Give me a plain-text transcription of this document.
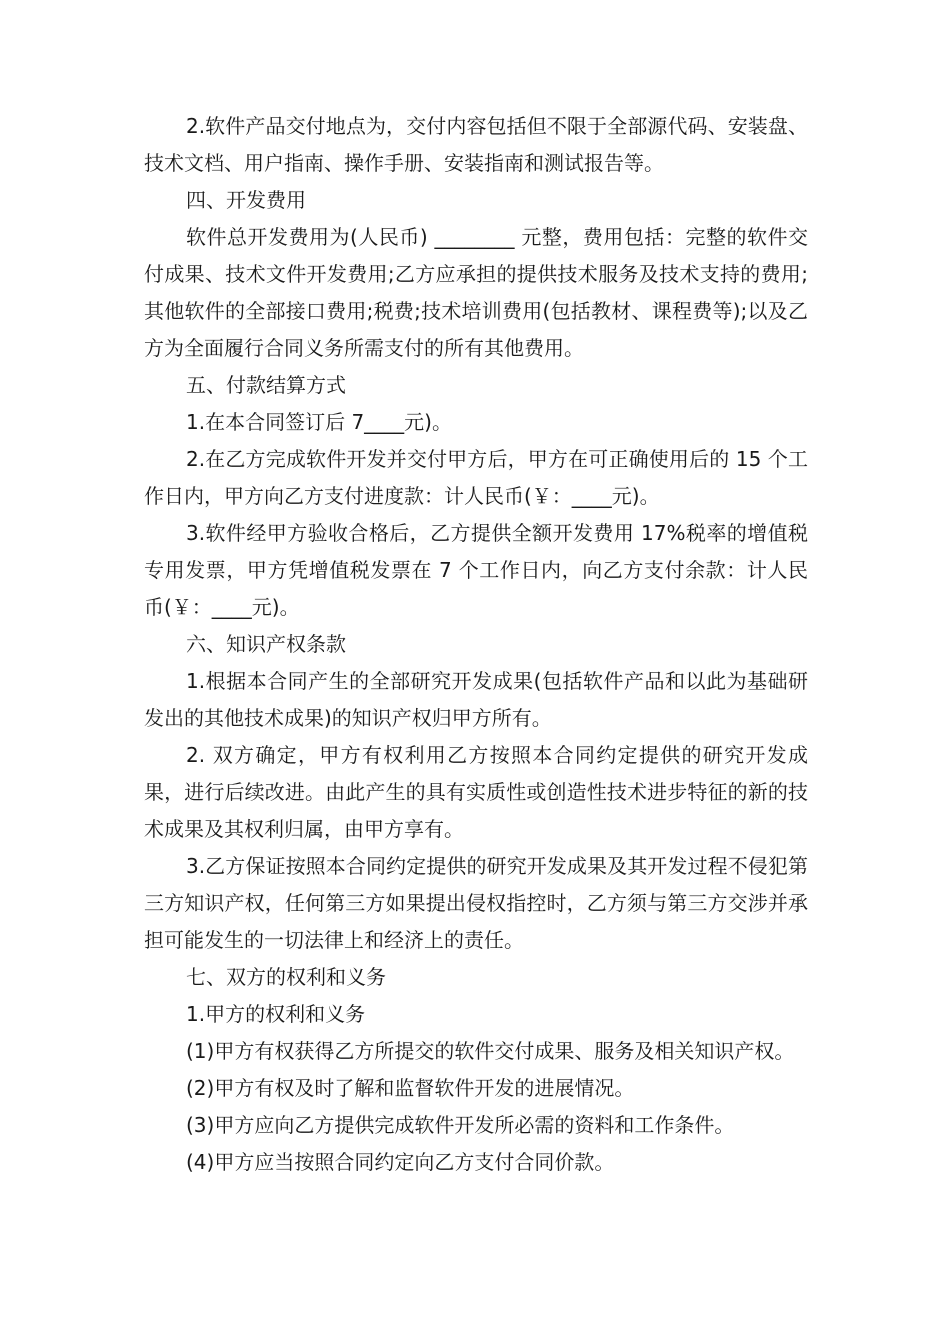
2.软件产品交付地点为，交付内容包括但不限于全部源代码、安装盘、技术文档、用户指南、操作手册、安装指南和测试报告等。

四、开发费用

软件总开发费用为(人民币) ________ 元整，费用包括：完整的软件交付成果、技术文件开发费用;乙方应承担的提供技术服务及技术支持的费用;其他软件的全部接口费用;税费;技术培训费用(包括教材、课程费等);以及乙方为全面履行合同义务所需支付的所有其他费用。

五、付款结算方式

1.在本合同签订后 7____元)。

2.在乙方完成软件开发并交付甲方后，甲方在可正确使用后的 15 个工作日内，甲方向乙方支付进度款：计人民币(￥：____元)。

3.软件经甲方验收合格后，乙方提供全额开发费用 17%税率的增值税专用发票，甲方凭增值税发票在 7 个工作日内，向乙方支付余款：计人民币(￥：____元)。

六、知识产权条款

1.根据本合同产生的全部研究开发成果(包括软件产品和以此为基础研发出的其他技术成果)的知识产权归甲方所有。

2. 双方确定，甲方有权利用乙方按照本合同约定提供的研究开发成果，进行后续改进。由此产生的具有实质性或创造性技术进步特征的新的技术成果及其权利归属，由甲方享有。

3.乙方保证按照本合同约定提供的研究开发成果及其开发过程不侵犯第三方知识产权，任何第三方如果提出侵权指控时，乙方须与第三方交涉并承担可能发生的一切法律上和经济上的责任。

七、双方的权利和义务

1.甲方的权利和义务

(1)甲方有权获得乙方所提交的软件交付成果、服务及相关知识产权。

(2)甲方有权及时了解和监督软件开发的进展情况。

(3)甲方应向乙方提供完成软件开发所必需的资料和工作条件。

(4)甲方应当按照合同约定向乙方支付合同价款。
